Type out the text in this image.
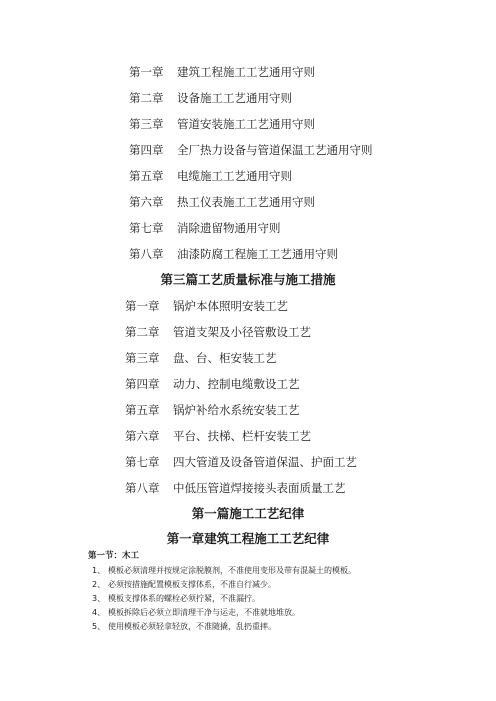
第一章 建筑工程施工工艺通用守则
第二章 设备施工工艺通用守则
第三章 管道安装施工工艺通用守则
第四章 全厂热力设备与管道保温工艺通用守则
第五章 电缆施工工艺通用守则
第六章 热工仪表施工工艺通用守则
第七章 消除遗留物通用守则
第八章 油漆防腐工程施工工艺通用守则
第三篇工艺质量标准与施工措施
第一章 锅炉本体照明安装工艺
第二章 管道支架及小径管敷设工艺
第三章 盘、台、柜安装工艺
第四章 动力、控制电缆敷设工艺
第五章 锅炉补给水系统安装工艺
第六章 平台、扶梯、栏杆安装工艺
第七章 四大管道及设备管道保温、护面工艺
第八章 中低压管道焊接接头表面质量工艺
第一篇施工工艺纪律
第一章建筑工程施工工艺纪律
第一节：木工
1、 模板必须清理并按规定涂脱膜剂，不准使用变形及带有混凝土的模板。
2、 必须按措施配置模板支撑体系，不准自行减少。
3、 模板支撑体系的螺栓必须拧紧，不准漏拧。
4、 模板拆除后必须立即清理干净与运走，不准就地堆放。
5、 使用模板必须轻拿轻放，不准随撬，乱扔重摔。
